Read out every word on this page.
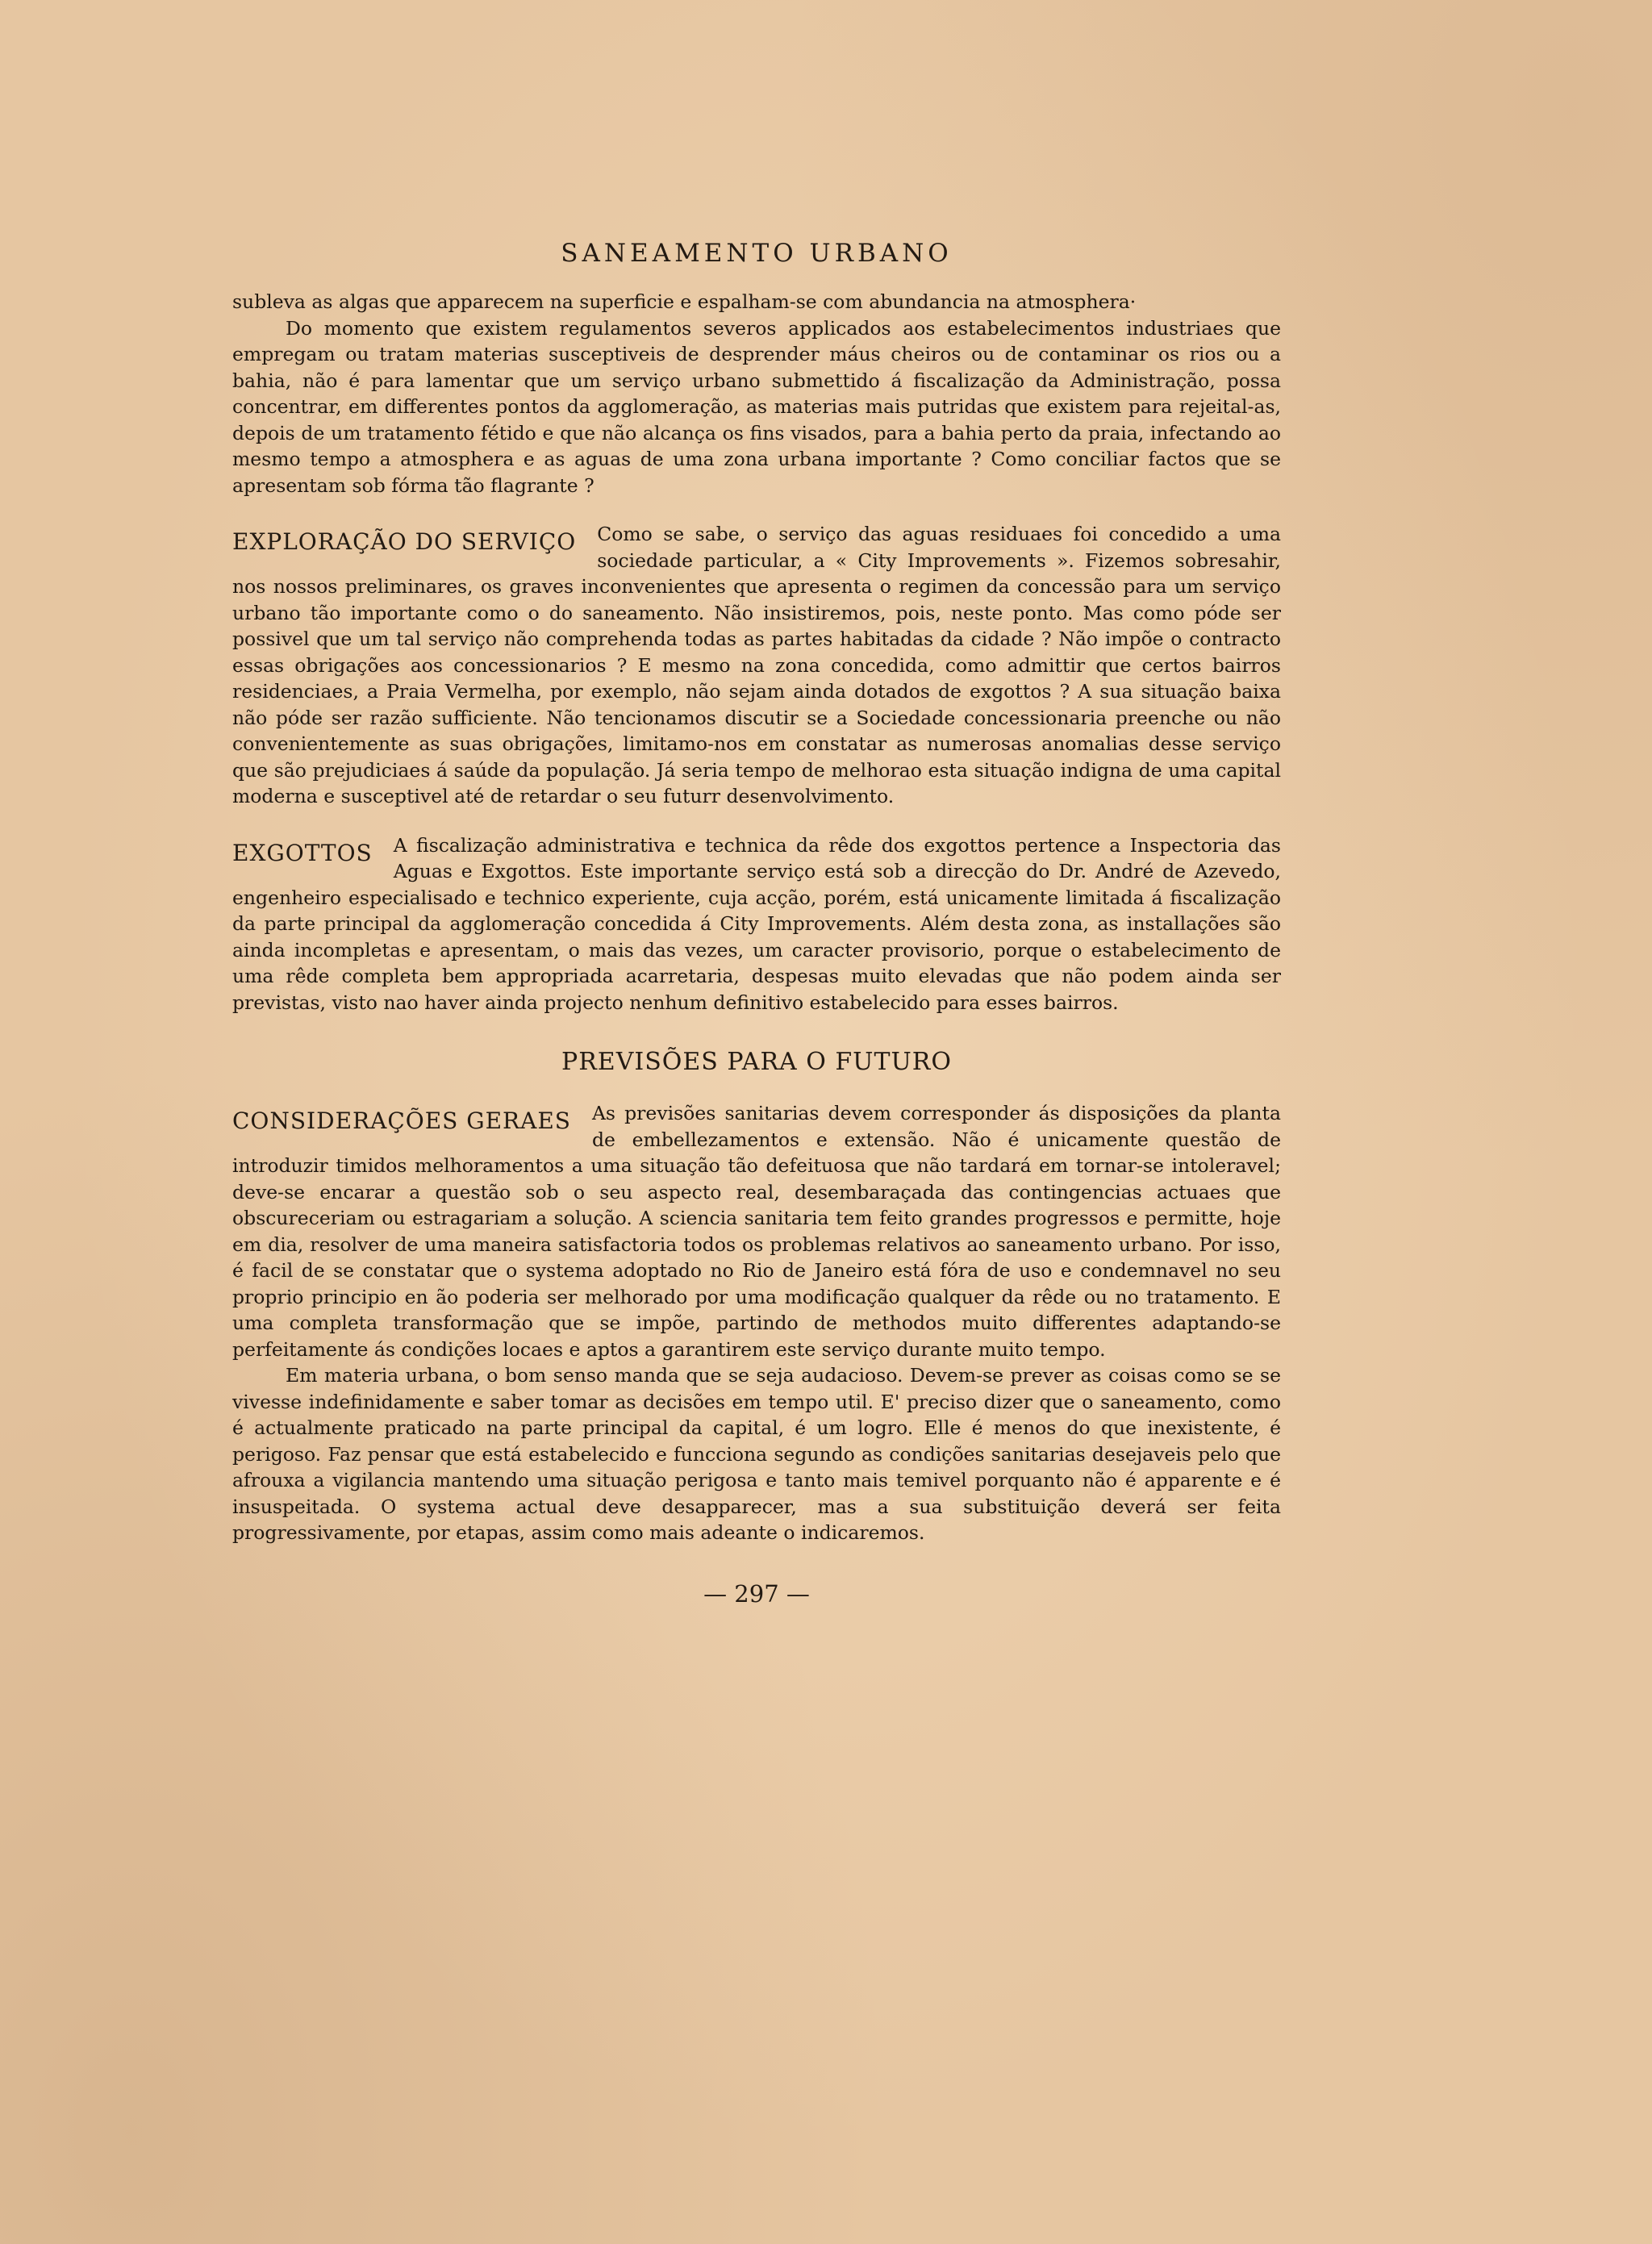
SANEAMENTO URBANO

subleva as algas que apparecem na superficie e espalham-se com abundancia na atmosphera·

Do momento que existem regulamentos severos applicados aos estabelecimentos industriaes que empregam ou tratam materias susceptiveis de desprender máus cheiros ou de contaminar os rios ou a bahia, não é para lamentar que um serviço urbano submettido á fiscalização da Administração, possa concentrar, em differentes pontos da agglomeração, as materias mais putridas que existem para rejeital-as, depois de um tratamento fétido e que não alcança os fins visados, para a bahia perto da praia, infectando ao mesmo tempo a atmosphera e as aguas de uma zona urbana importante ? Como conciliar factos que se apresentam sob fórma tão flagrante ?

EXPLORAÇÃO DO SERVIÇO	Como se sabe, o serviço das aguas residuaes foi concedido a uma sociedade particular, a « City Improvements ». Fizemos sobresahir, nos nossos preliminares, os graves inconvenientes que apresenta o regimen da concessão para um serviço urbano tão importante como o do saneamento. Não insistiremos, pois, neste ponto. Mas como póde ser possivel que um tal serviço não comprehenda todas as partes habitadas da cidade ? Não impõe o contracto essas obrigações aos concessionarios ? E mesmo na zona concedida, como admittir que certos bairros residenciaes, a Praia Vermelha, por exemplo, não sejam ainda dotados de exgottos ? A sua situação baixa não póde ser razão sufficiente. Não tencionamos discutir se a Sociedade concessionaria preenche ou não convenientemente as suas obrigações, limitamo-nos em constatar as numerosas anomalias desse serviço que são prejudiciaes á saúde da população. Já seria tempo de melhorao esta situação indigna de uma capital moderna e susceptivel até de retardar o seu futurr desenvolvimento.

EXGOTTOS	A fiscalização administrativa e technica da rêde dos exgottos pertence a Inspectoria das Aguas e Exgottos. Este importante serviço está sob a direcção do Dr. André de Azevedo, engenheiro especialisado e technico experiente, cuja acção, porém, está unicamente limitada á fiscalização da parte principal da agglomeração concedida á City Improvements. Além desta zona, as installações são ainda incompletas e apresentam, o mais das vezes, um caracter provisorio, porque o estabelecimento de uma rêde completa bem appropriada acarretaria, despesas muito elevadas que não podem ainda ser previstas, visto nao haver ainda projecto nenhum definitivo estabelecido para esses bairros.

PREVISÕES PARA O FUTURO
CONSIDERAÇÕES GERAES	As previsões sanitarias devem corresponder ás disposições da planta de embellezamentos e extensão. Não é unicamente questão de introduzir timidos melhoramentos a uma situação tão defeituosa que não tardará em tornar-se intoleravel; deve-se encarar a questão sob o seu aspecto real, desembaraçada das contingencias actuaes que obscureceriam ou estragariam a solução. A sciencia sanitaria tem feito grandes progressos e permitte, hoje em dia, resolver de uma maneira satisfactoria todos os problemas relativos ao saneamento urbano. Por isso, é facil de se constatar que o systema adoptado no Rio de Janeiro está fóra de uso e condemnavel no seu proprio principio en ão poderia ser melhorado por uma modificação qualquer da rêde ou no tratamento. E uma completa transformação que se impõe, partindo de methodos muito differentes adaptando-se perfeitamente ás condições locaes e aptos a garantirem este serviço durante muito tempo.

Em materia urbana, o bom senso manda que se seja audacioso. Devem-se prever as coisas como se se vivesse indefinidamente e saber tomar as decisões em tempo util. E' preciso dizer que o saneamento, como é actualmente praticado na parte principal da capital, é um logro. Elle é menos do que inexistente, é perigoso. Faz pensar que está estabelecido e funcciona segundo as condições sanitarias desejaveis pelo que afrouxa a vigilancia mantendo uma situação perigosa e tanto mais temivel porquanto não é apparente e é insuspeitada. O systema actual deve desapparecer, mas a sua substituição deverá ser feita progressivamente, por etapas, assim como mais adeante o indicaremos.

— 297 —
